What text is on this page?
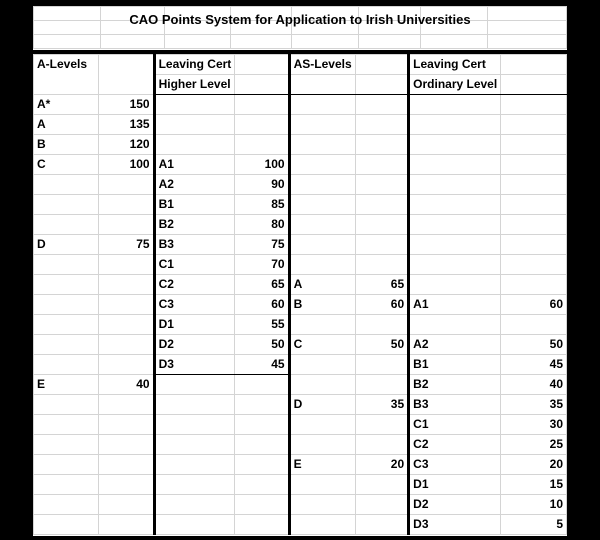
CAO Points System for Application to Irish Universities
A-Levels		Leaving Cert		AS-Levels		Leaving Cert	
		Higher Level				Ordinary Level	
A*	150						
A	135						
B	120						
C	100	A1	100				
		A2	90				
		B1	85				
		B2	80				
D	75	B3	75				
		C1	70				
		C2	65	A	65		
		C3	60	B	60	A1	60
		D1	55				
		D2	50	C	50	A2	50
		D3	45			B1	45
E	40					B2	40
				D	35	B3	35
						C1	30
						C2	25
				E	20	C3	20
						D1	15
						D2	10
						D3	5
